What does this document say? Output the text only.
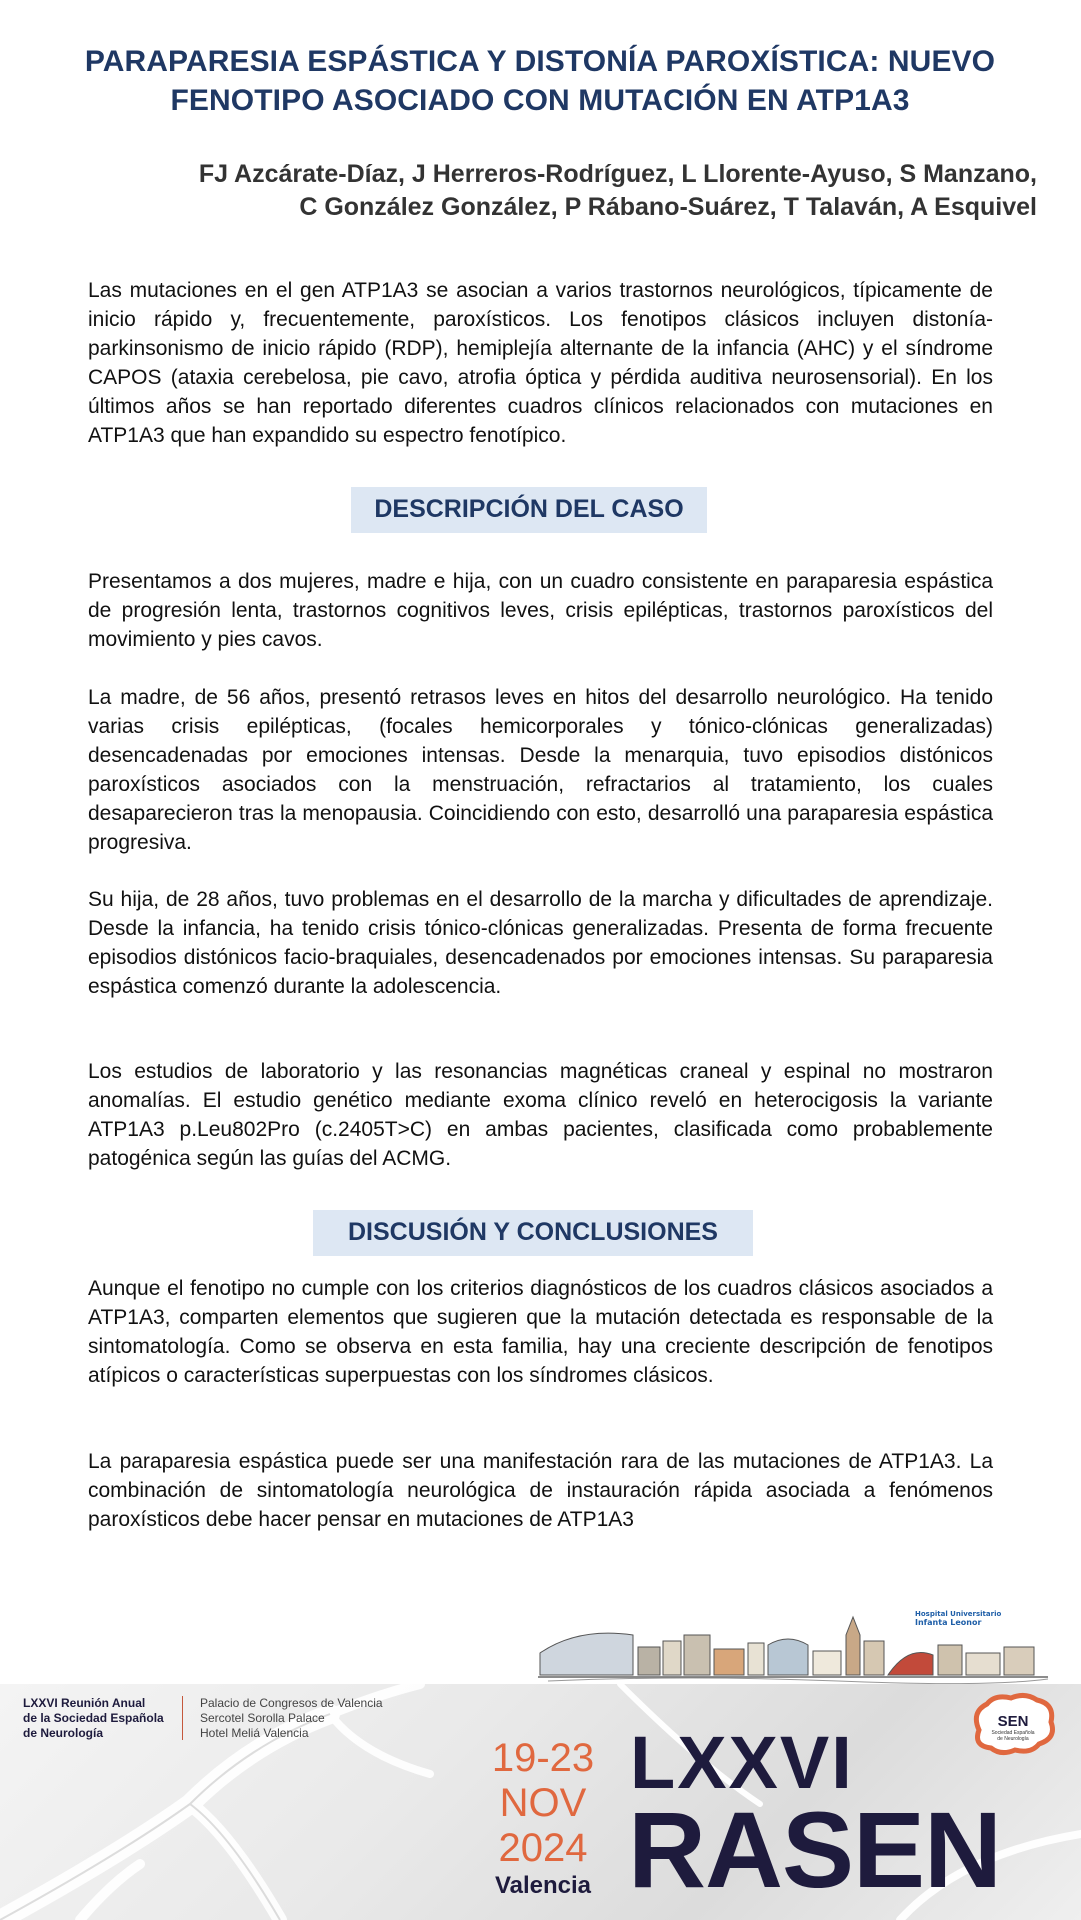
PARAPARESIA ESPÁSTICA Y DISTONÍA PAROXÍSTICA: NUEVO
FENOTIPO ASOCIADO CON MUTACIÓN EN ATP1A3
FJ Azcárate-Díaz, J Herreros-Rodríguez, L Llorente-Ayuso, S Manzano,
C González González, P Rábano-Suárez, T Talaván, A Esquivel

Las mutaciones en el gen ATP1A3 se asocian a varios trastornos neurológicos, típicamente de inicio rápido y, frecuentemente, paroxísticos. Los fenotipos clásicos incluyen distonía-parkinsonismo de inicio rápido (RDP), hemiplejía alternante de la infancia (AHC) y el síndrome CAPOS (ataxia cerebelosa, pie cavo, atrofia óptica y pérdida auditiva neurosensorial). En los últimos años se han reportado diferentes cuadros clínicos relacionados con mutaciones en ATP1A3 que han expandido su espectro fenotípico.

DESCRIPCIÓN DEL CASO

Presentamos a dos mujeres, madre e hija, con un cuadro consistente en paraparesia espástica de progresión lenta, trastornos cognitivos leves, crisis epilépticas, trastornos paroxísticos del movimiento y pies cavos.

La madre, de 56 años, presentó retrasos leves en hitos del desarrollo neurológico. Ha tenido varias crisis epilépticas, (focales hemicorporales y tónico-clónicas generalizadas) desencadenadas por emociones intensas. Desde la menarquia, tuvo episodios distónicos paroxísticos asociados con la menstruación, refractarios al tratamiento, los cuales desaparecieron tras la menopausia. Coincidiendo con esto, desarrolló una paraparesia espástica progresiva.

Su hija, de 28 años, tuvo problemas en el desarrollo de la marcha y dificultades de aprendizaje. Desde la infancia, ha tenido crisis tónico-clónicas generalizadas. Presenta de forma frecuente episodios distónicos facio-braquiales, desencadenados por emociones intensas. Su paraparesia espástica comenzó durante la adolescencia.

Los estudios de laboratorio y las resonancias magnéticas craneal y espinal no mostraron anomalías. El estudio genético mediante exoma clínico reveló en heterocigosis la variante ATP1A3 p.Leu802Pro (c.2405T>C) en ambas pacientes, clasificada como probablemente patogénica según las guías del ACMG.

DISCUSIÓN Y CONCLUSIONES

Aunque el fenotipo no cumple con los criterios diagnósticos de los cuadros clásicos asociados a ATP1A3, comparten elementos que sugieren que la mutación detectada es responsable de la sintomatología. Como se observa en esta familia, hay una creciente descripción de fenotipos atípicos o características superpuestas con los síndromes clásicos.

La paraparesia espástica puede ser una manifestación rara de las mutaciones de ATP1A3. La combinación de sintomatología neurológica de instauración rápida asociada a fenómenos paroxísticos debe hacer pensar en mutaciones de ATP1A3

Hospital Universitario
Infanta Leonor
LXXVI Reunión Anual
de la Sociedad Española
de Neurología
Palacio de Congresos de Valencia
Sercotel Sorolla Palace
Hotel Meliá Valencia
19-23
NOV
2024
Valencia
LXXVI
RASEN
SEN
Sociedad Española
de Neurología
